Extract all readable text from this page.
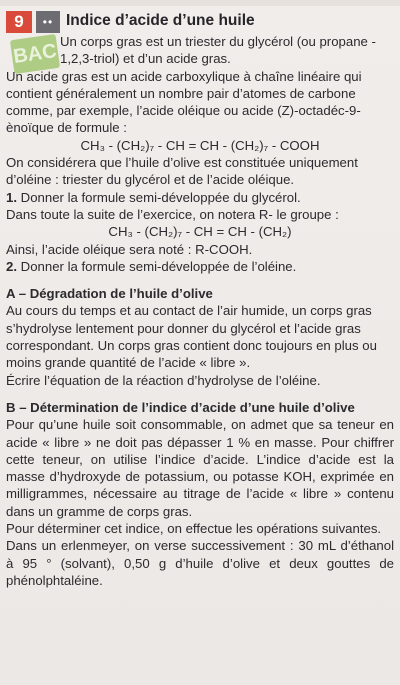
9	••
BAC
Indice d’acide d’une huile

Un corps gras est un triester du glycérol (ou propane - 1,2,3-triol) et d’un acide gras.

Un acide gras est un acide carboxylique à chaîne linéaire qui contient généralement un nombre pair d’atomes de carbone comme, par exemple, l’acide oléique ou acide (Z)-octadéc-9-ènoïque de formule :

CH₃ - (CH₂)₇ - CH = CH - (CH₂)₇ - COOH

On considérera que l’huile d’olive est constituée uniquement d’oléine : triester du glycérol et de l’acide oléique.

1. Donner la formule semi-développée du glycérol.

Dans toute la suite de l’exercice, on notera R- le groupe :

CH₃ - (CH₂)₇ - CH = CH - (CH₂)

Ainsi, l’acide oléique sera noté : R-COOH.

2. Donner la formule semi-développée de l’oléine.

A – Dégradation de l’huile d’olive

Au cours du temps et au contact de l’air humide, un corps gras s’hydrolyse lentement pour donner du glycérol et l’acide gras correspondant. Un corps gras contient donc toujours en plus ou moins grande quantité de l’acide « libre ».

Écrire l’équation de la réaction d’hydrolyse de l’oléine.

B – Détermination de l’indice d’acide d’une huile d’olive

Pour qu’une huile soit consommable, on admet que sa teneur en acide « libre » ne doit pas dépasser 1 % en masse. Pour chiffrer cette teneur, on utilise l’indice d’acide. L’indice d’acide est la masse d’hydroxyde de potassium, ou potasse KOH, exprimée en milligrammes, nécessaire au titrage de l’acide « libre » contenu dans un gramme de corps gras.

Pour déterminer cet indice, on effectue les opérations suivantes.

Dans un erlenmeyer, on verse successivement : 30 mL d’éthanol à 95 ° (solvant), 0,50 g d’huile d’olive et deux gouttes de phénolphtaléine.
